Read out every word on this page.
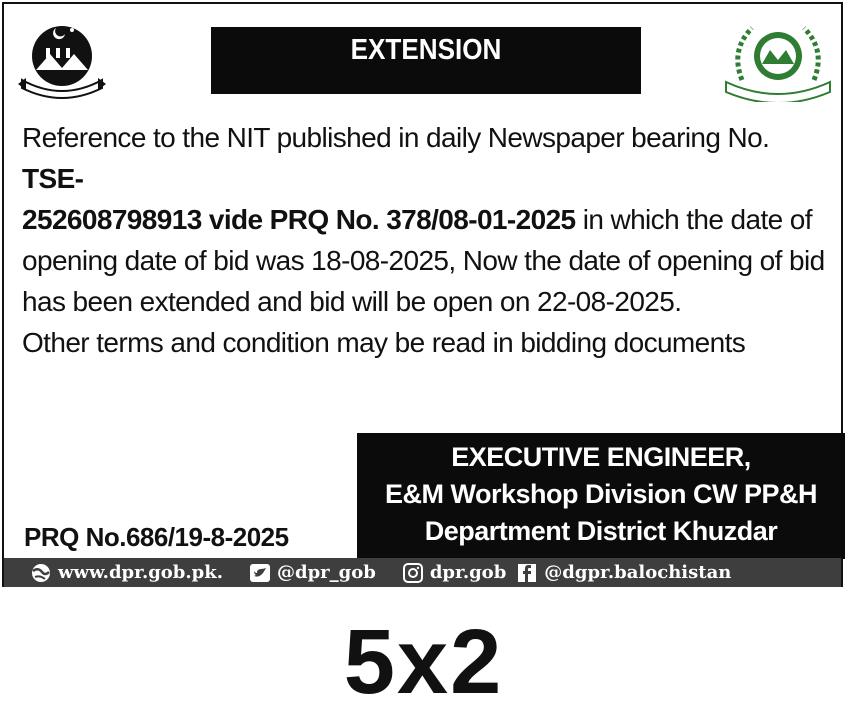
EXTENSION

Reference to the NIT published in daily Newspaper bearing No. TSE-

252608798913 vide PRQ No. 378/08-01-2025 in which the date of

opening date of bid was 18-08-2025, Now the date of opening of bid

has been extended and bid will be open on 22-08-2025.

Other terms and condition may be read in bidding documents

EXECUTIVE ENGINEER,
E&M Workshop Division CW PP&H
Department District Khuzdar
PRQ No.686/19-8-2025
www.dpr.gob.pk.	@dpr_gob	dpr.gob @dgpr.balochistan
5x2
